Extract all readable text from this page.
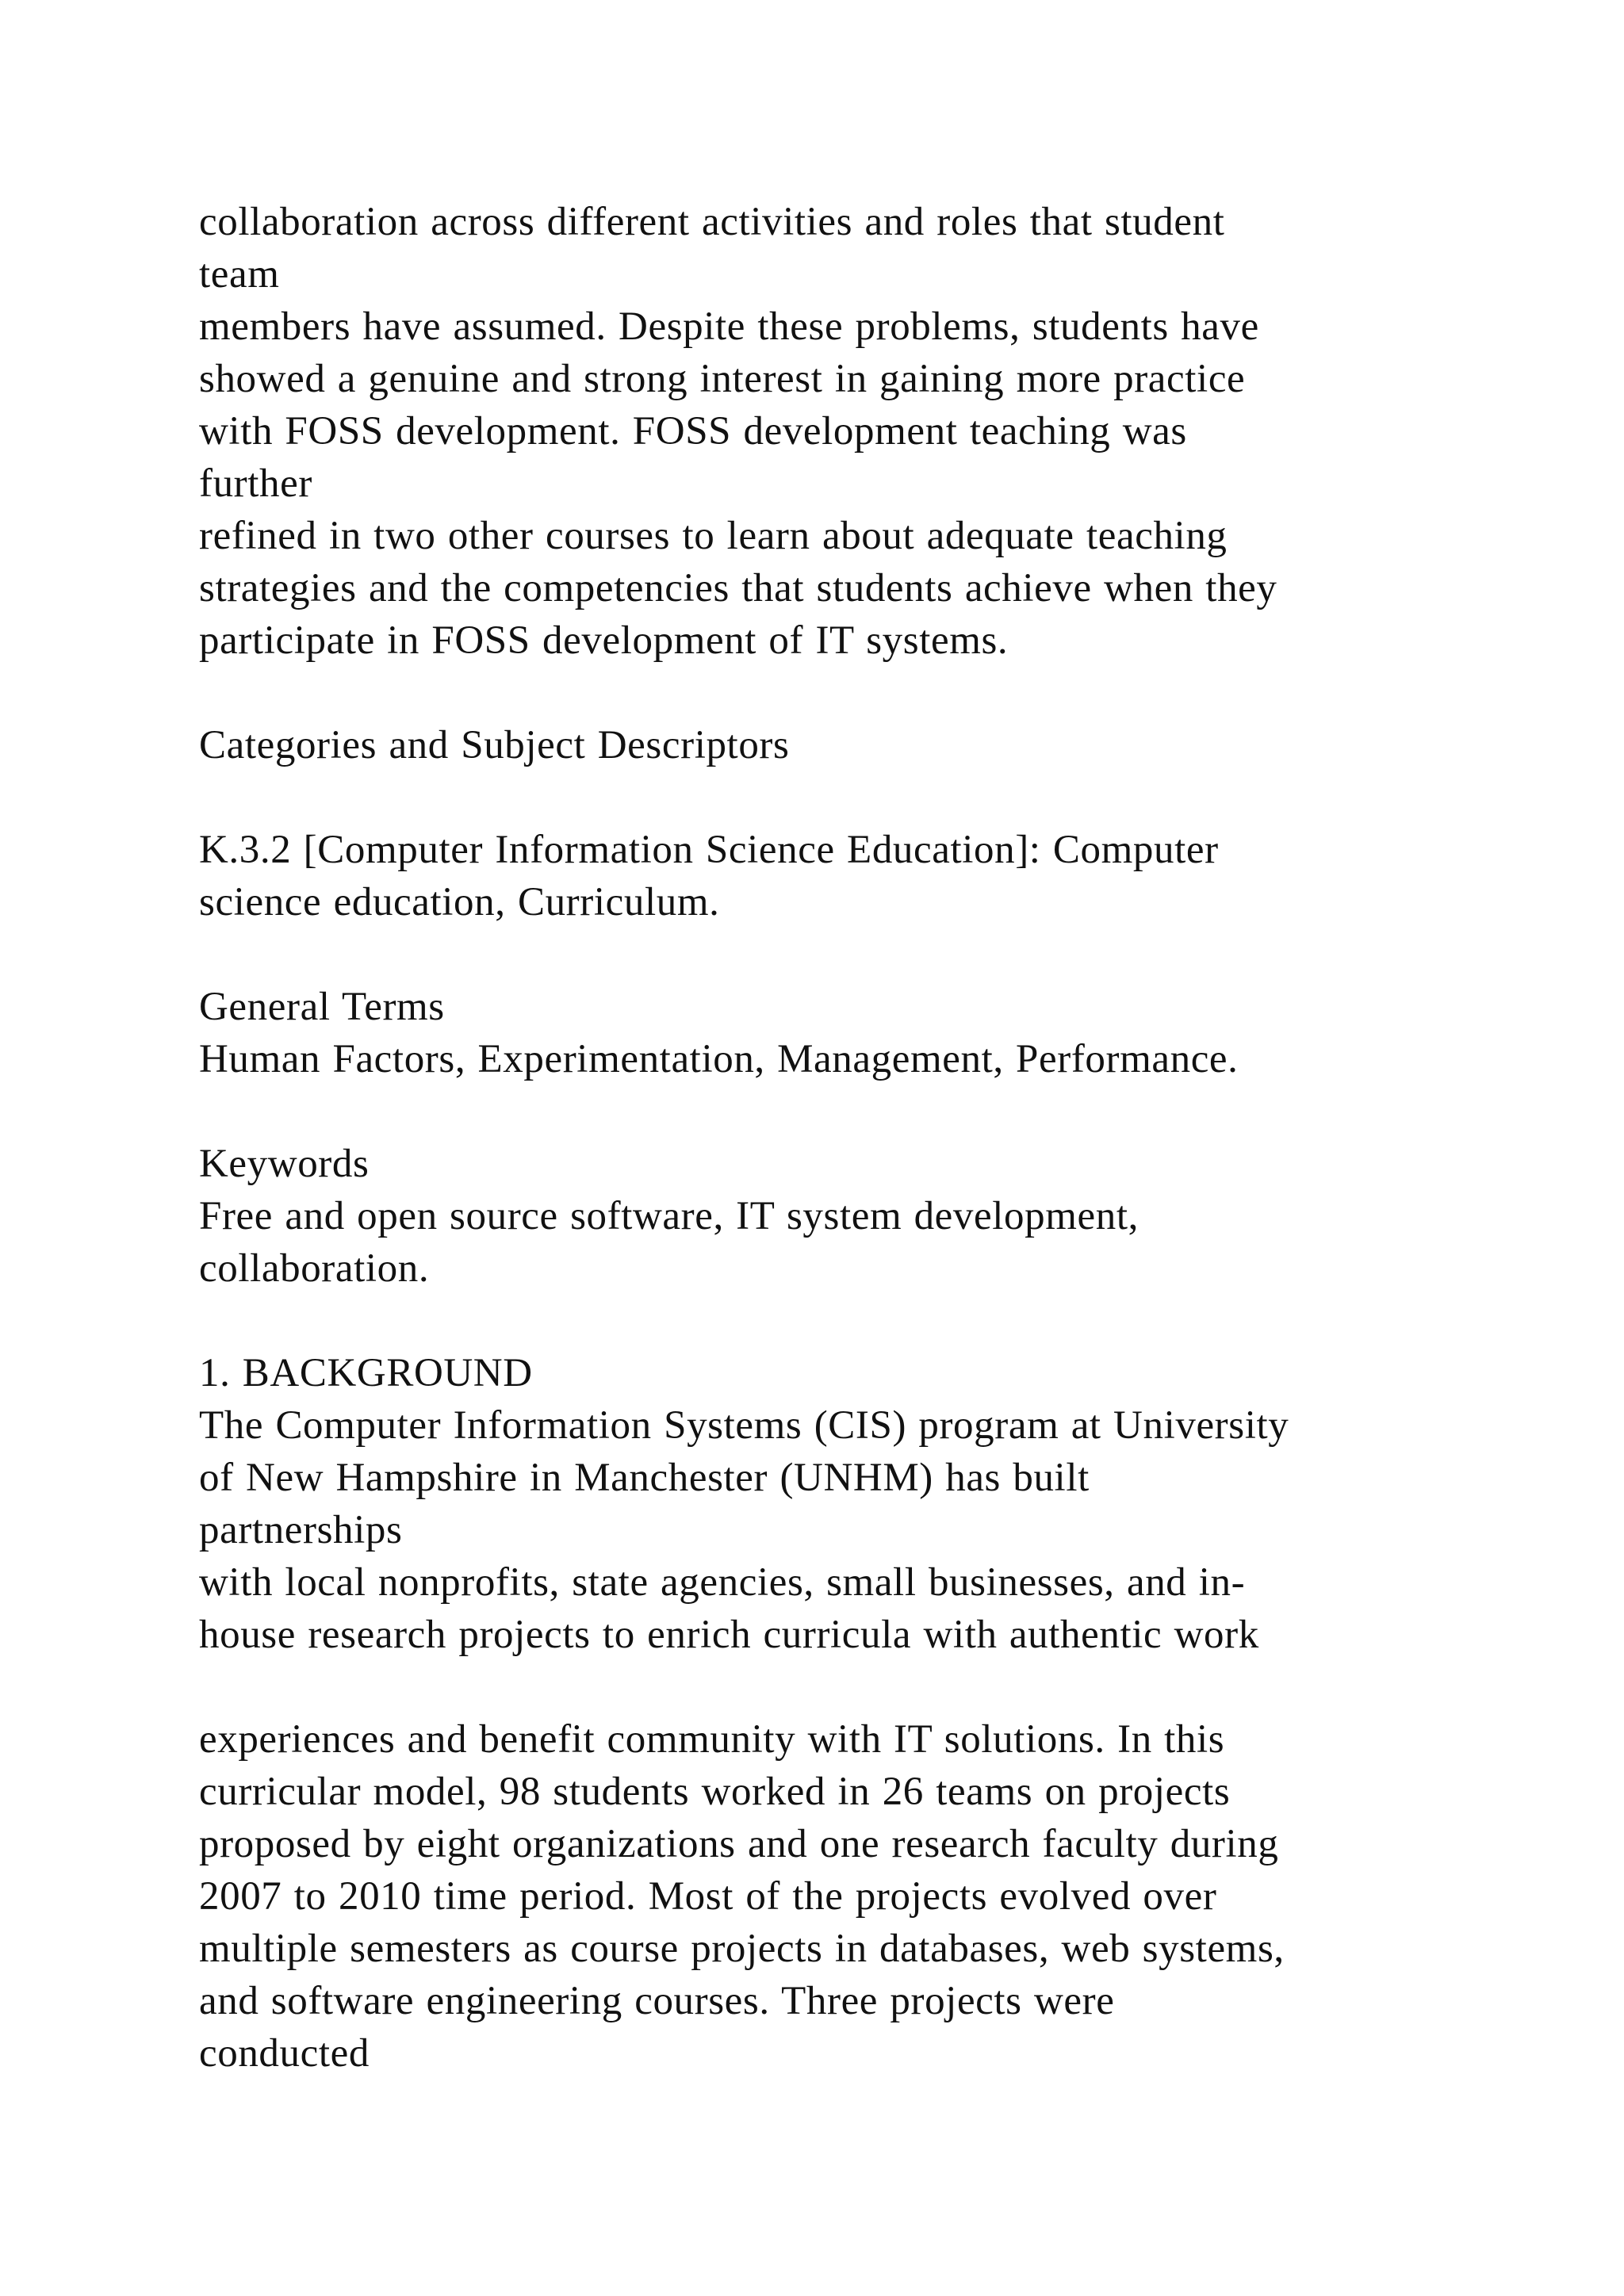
collaboration across different activities and roles that student
team
members have assumed. Despite these problems, students have
showed a genuine and strong interest in gaining more practice
with FOSS development. FOSS development teaching was
further
refined in two other courses to learn about adequate teaching
strategies and the competencies that students achieve when they
participate in FOSS development of IT systems.
Categories and Subject Descriptors
K.3.2 [Computer Information Science Education]: Computer
science education, Curriculum.
General Terms
Human Factors, Experimentation, Management, Performance.
Keywords
Free and open source software, IT system development,
collaboration.
1. BACKGROUND
The Computer Information Systems (CIS) program at University
of New Hampshire in Manchester (UNHM) has built
partnerships
with local nonprofits, state agencies, small businesses, and in-
house research projects to enrich curricula with authentic work
experiences and benefit community with IT solutions. In this
curricular model, 98 students worked in 26 teams on projects
proposed by eight organizations and one research faculty during
2007 to 2010 time period. Most of the projects evolved over
multiple semesters as course projects in databases, web systems,
and software engineering courses. Three projects were
conducted
